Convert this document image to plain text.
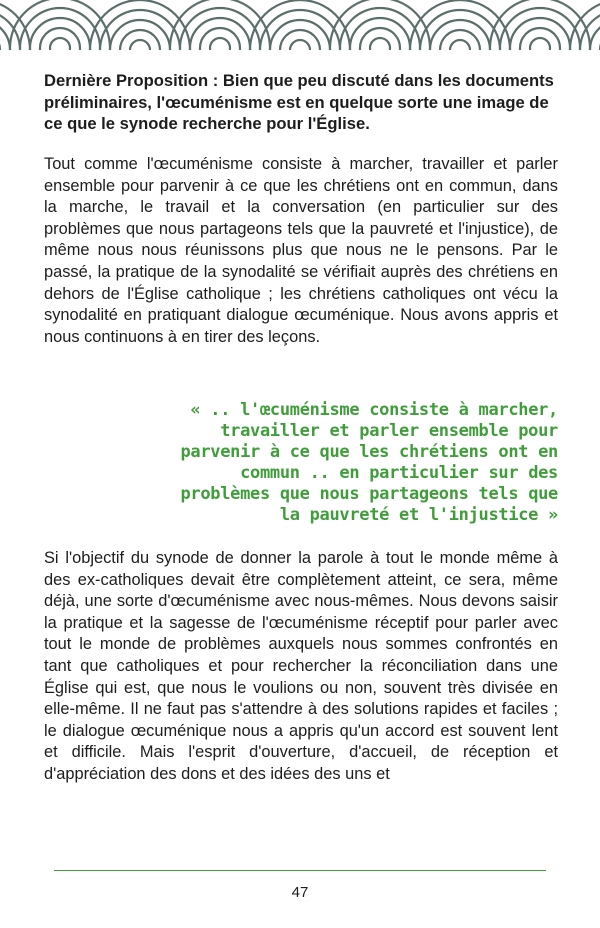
Dernière Proposition : Bien que peu discuté dans les documents préliminaires, l'œcuménisme est en quelque sorte une image de ce que le synode recherche pour l'Église.

Tout comme l'œcuménisme consiste à marcher, travailler et parler ensemble pour parvenir à ce que les chrétiens ont en commun, dans la marche, le travail et la conversation (en particulier sur des problèmes que nous partageons tels que la pauvreté et l'injustice), de même nous nous réunissons plus que nous ne le pensons. Par le passé, la pratique de la synodalité se vérifiait auprès des chrétiens en dehors de l'Église catholique ; les chrétiens catholiques ont vécu la synodalité en pratiquant dialogue œcuménique. Nous avons appris et nous continuons à en tirer des leçons.

« .. l'œcuménisme consiste à marcher, travailler et parler ensemble pour parvenir à ce que les chrétiens ont en commun .. en particulier sur des problèmes que nous partageons tels que la pauvreté et l'injustice »

Si l'objectif du synode de donner la parole à tout le monde même à des ex-catholiques devait être complètement atteint, ce sera, même déjà, une sorte d'œcuménisme avec nous-mêmes. Nous devons saisir la pratique et la sagesse de l'œcuménisme réceptif pour parler avec tout le monde de problèmes auxquels nous sommes confrontés en tant que catholiques et pour rechercher la réconciliation dans une Église qui est, que nous le voulions ou non, souvent très divisée en elle-même. Il ne faut pas s'attendre à des solutions rapides et faciles ; le dialogue œcuménique nous a appris qu'un accord est souvent lent et difficile. Mais l'esprit d'ouverture, d'accueil, de réception et d'appréciation des dons et des idées des uns et

47
